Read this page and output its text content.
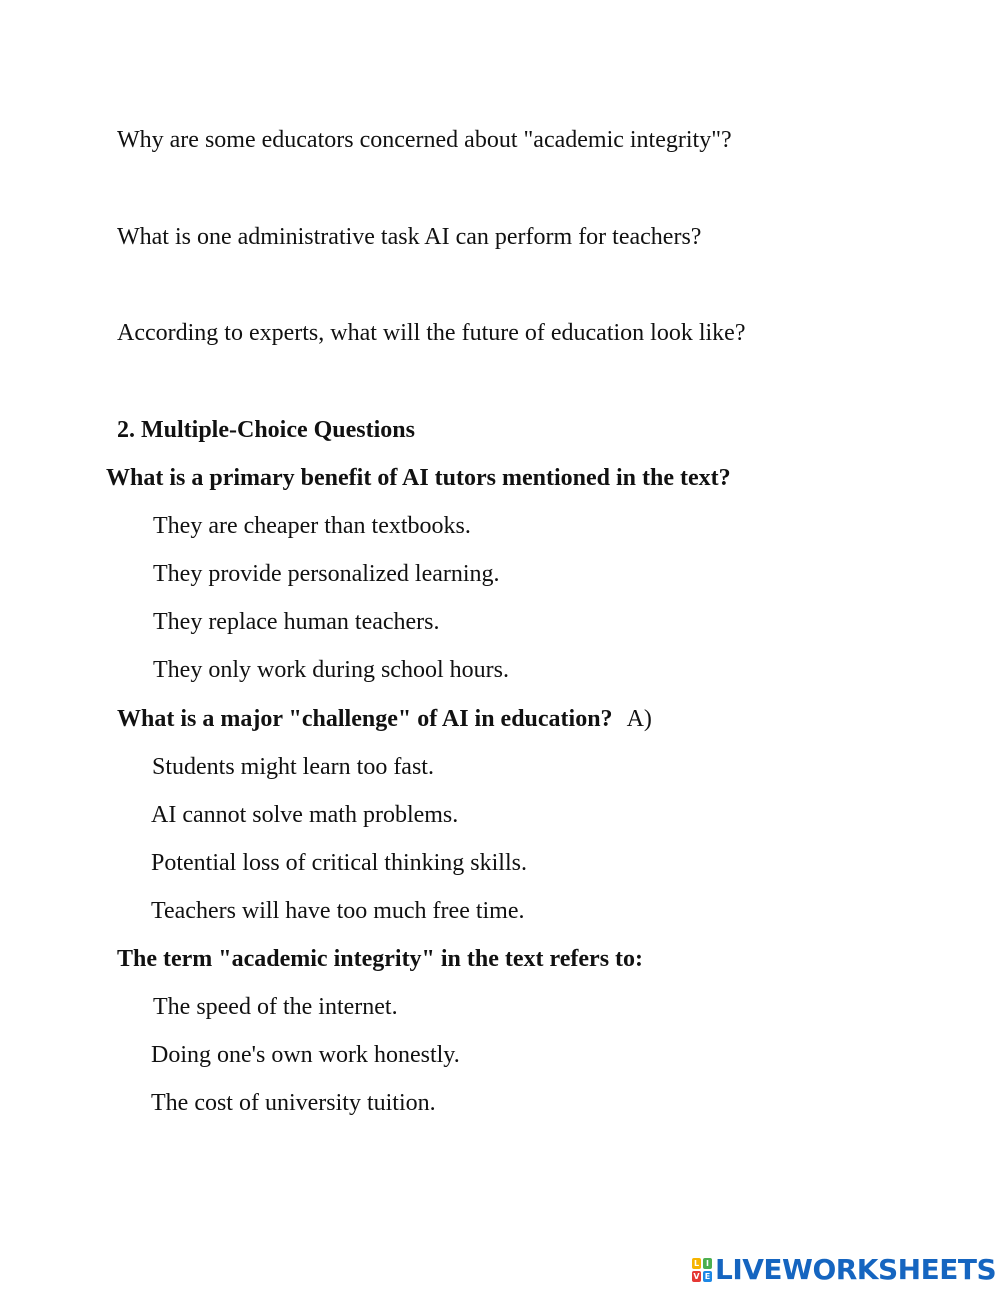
Why are some educators concerned about "academic integrity"?
What is one administrative task AI can perform for teachers?
According to experts, what will the future of education look like?
2. Multiple-Choice Questions
What is a primary benefit of AI tutors mentioned in the text?
They are cheaper than textbooks.
They provide personalized learning.
They replace human teachers.
They only work during school hours.
What is a major "challenge" of AI in education? A)
Students might learn too fast.
AI cannot solve math problems.
Potential loss of critical thinking skills.
Teachers will have too much free time.
The term "academic integrity" in the text refers to:
The speed of the internet.
Doing one's own work honestly.
The cost of university tuition.
L I
V E LIVEWORKSHEETS
